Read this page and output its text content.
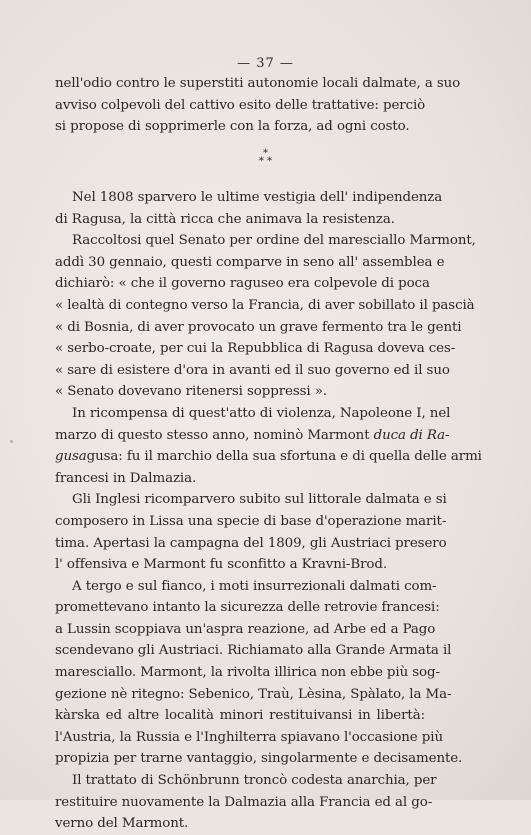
— 37 —
nell'odio contro le superstiti autonomie locali dalmate, a suo
avviso colpevoli del cattivo esito delle trattative: perciò
si propose di sopprimerle con la forza, ad ogni costo.
*
* *
Nel 1808 sparvero le ultime vestigia dell' indipendenza
di Ragusa, la città ricca che animava la resistenza.
Raccoltosi quel Senato per ordine del maresciallo Marmont,
addì 30 gennaio, questi comparve in seno all' assemblea e
dichiarò: « che il governo raguseo era colpevole di poca
« lealtà di contegno verso la Francia, di aver sobillato il pascià
« di Bosnia, di aver provocato un grave fermento tra le genti
« serbo-croate, per cui la Repubblica di Ragusa doveva ces-
« sare di esistere d'ora in avanti ed il suo governo ed il suo
« Senato dovevano ritenersi soppressi ».
In ricompensa di quest'atto di violenza, Napoleone I, nel
marzo di questo stesso anno, nominò Marmont duca di Ra-
gusagusa: fu il marchio della sua sfortuna e di quella delle armi
francesi in Dalmazia.
Gli Inglesi ricomparvero subito sul littorale dalmata e si
composero in Lissa una specie di base d'operazione marit-
tima. Apertasi la campagna del 1809, gli Austriaci presero
l' offensiva e Marmont fu sconfitto a Kravni-Brod.
A tergo e sul fianco, i moti insurrezionali dalmati com-
promettevano intanto la sicurezza delle retrovie francesi:
a Lussin scoppiava un'aspra reazione, ad Arbe ed a Pago
scendevano gli Austriaci. Richiamato alla Grande Armata il
maresciallo. Marmont, la rivolta illirica non ebbe più sog-
gezione nè ritegno: Sebenico, Traù, Lèsina, Spàlato, la Ma-
kàrska ed altre località minori restituivansi in libertà:
l'Austria, la Russia e l'Inghilterra spiavano l'occasione più
propizia per trarne vantaggio, singolarmente e decisamente.
Il trattato di Schönbrunn troncò codesta anarchia, per
restituire nuovamente la Dalmazia alla Francia ed al go-
verno del Marmont.
